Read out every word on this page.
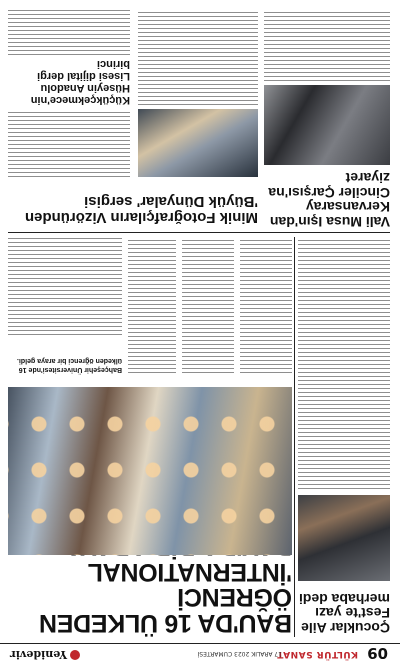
09
KÜLTÜR SANAT
17 ARALIK 2023 CUMARTESİ
Yenidevir
Çocuklar Aile Fest'te yazı merhaba dedi
BAU'DA 16 ÜLKEDEN ÖĞRENCİ 'İNTERNATIONAL
Bahçeşehir Üniversitesi'nde 16 ülkeden öğrenci bir araya geldi.
Vali Musa Işın'dan Kervansaray Cinciler Çarşısı'na ziyaret
Minik Fotoğrafçıların Vizöründen 'Büyük Dünyalar' sergisi
Küçükçekmece'nin Hüseyin Anadolu Lisesi dijital dergi birinci
